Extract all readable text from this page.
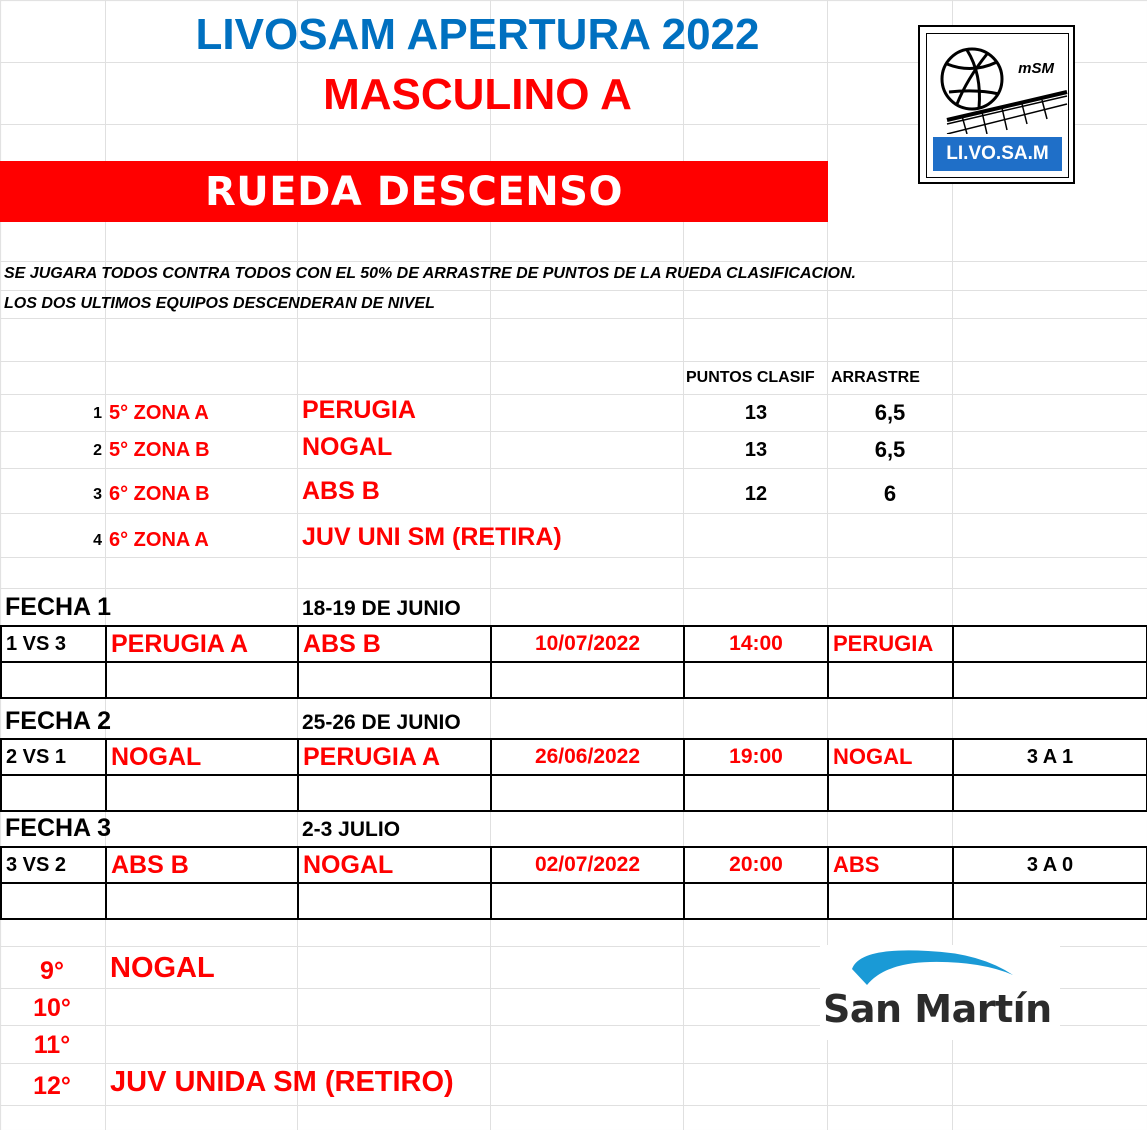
LIVOSAM APERTURA 2022
MASCULINO A
mSM
LI.VO.SA.M
RUEDA DESCENSO
SE JUGARA TODOS CONTRA TODOS CON EL 50% DE ARRASTRE DE PUNTOS DE LA RUEDA CLASIFICACION.
LOS DOS ULTIMOS EQUIPOS DESCENDERAN DE NIVEL
PUNTOS CLASIF ARRASTRE
1 5° ZONA A	PERUGIA	13	6,5
2 5° ZONA B	NOGAL	13	6,5
3 6° ZONA B	ABS B	12	6
4 6° ZONA A	JUV UNI SM (RETIRA)
FECHA 1	18-19 DE JUNIO
1 VS 3	PERUGIA A	ABS B	10/07/2022	14:00	PERUGIA	

FECHA 2	25-26 DE JUNIO
2 VS 1	NOGAL	PERUGIA A	26/06/2022	19:00	NOGAL	3 A 1

FECHA 3	2-3 JULIO
3 VS 2	ABS B	NOGAL	02/07/2022	20:00	ABS	3 A 0

9°	NOGAL
10°
11°
12°	JUV UNIDA SM (RETIRO)
San Martín
